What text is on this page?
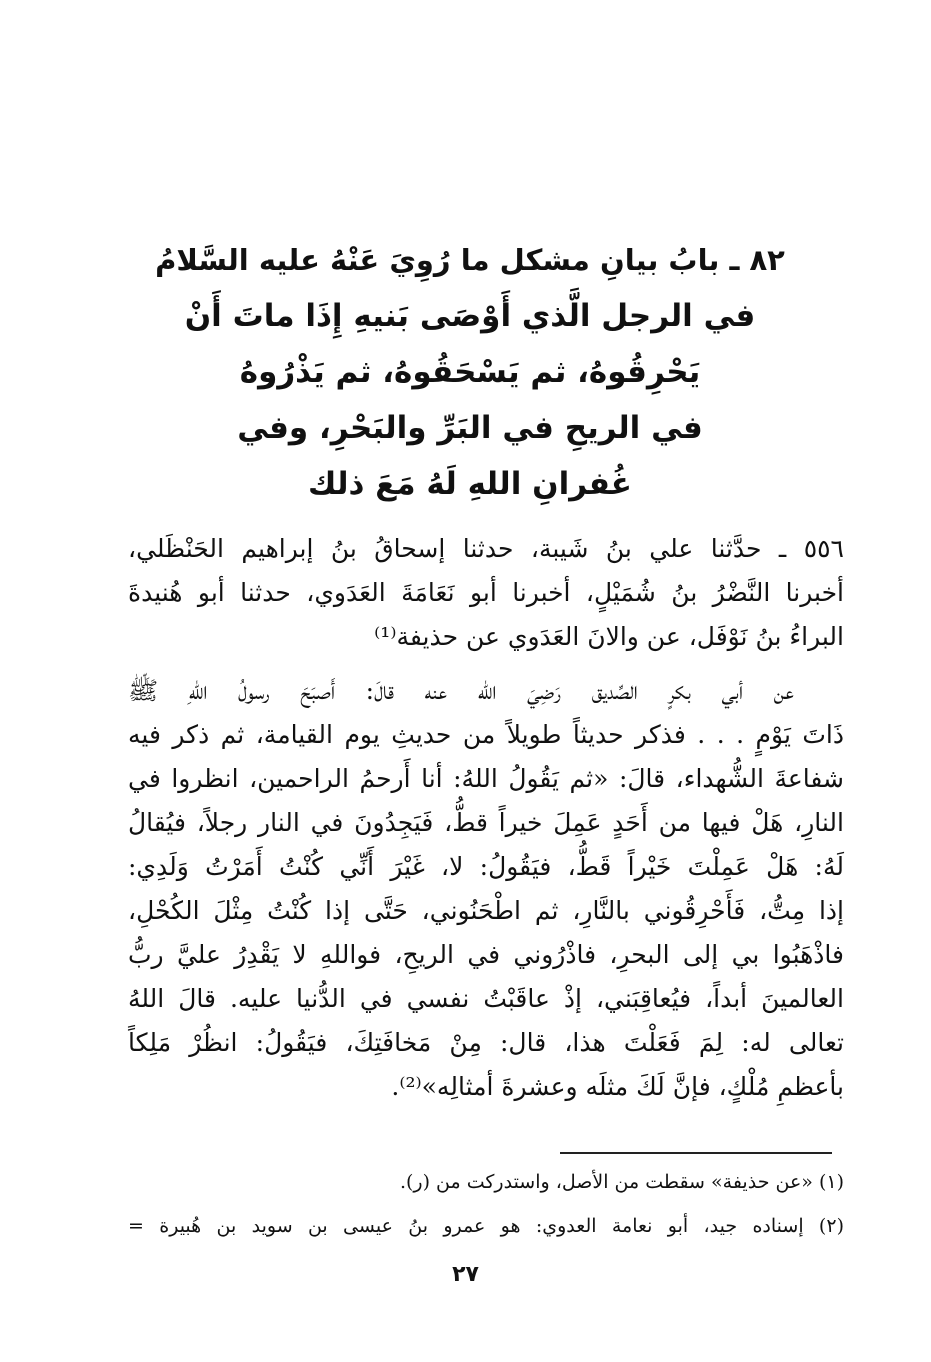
٨٢ ـ بابُ بيانِ مشكل ما رُوِيَ عَنْهُ عليه السَّلامُ
في الرجل الَّذي أَوْصَى بَنيهِ إِذَا ماتَ أَنْ
يَحْرِقُوهُ، ثم يَسْحَقُوهُ، ثم يَذْرُوهُ
في الريحِ في البَرِّ والبَحْرِ، وفي
غُفرانِ اللهِ لَهُ مَعَ ذلك
٥٥٦ ـ حدَّثنا علي بنُ شَيبة، حدثنا إسحاقُ بنُ إبراهيم الحَنْظَلي،
أخبرنا النَّضْرُ بنُ شُمَيْلٍ، أخبرنا أبو نَعَامَةَ العَدَوي، حدثنا أبو هُنيدةَ
البراءُ بنُ نَوْفَل، عن والانَ العَدَوي عن حذيفة⁽¹⁾
عن أبي بكرٍ الصِّديق رَضِيَ الله عنه قالَ: أَصبَحَ رسولُ اللهِ ﷺ
ذَاتَ يَوْمٍ . . . فذكر حديثاً طويلاً من حديثِ يوم القيامة، ثم ذكر فيه
شفاعةَ الشُّهداء، قالَ: «ثم يَقُولُ اللهُ: أنا أَرحمُ الراحمين، انظروا في
النارِ، هَلْ فيها من أَحَدٍ عَمِلَ خيراً قطُّ، فَيَجِدُونَ في النار رجلاً، فيُقالُ
لَهُ: هَلْ عَمِلْتَ خَيْراً قَطُّ، فيَقُولُ: لا، غَيْرَ أَنِّي كُنْتُ أَمَرْتُ وَلَدِي:
إذا مِتُّ، فَأَحْرِقُوني بالنَّارِ، ثم اطْحَنُوني، حَتَّى إذا كُنْتُ مِثْلَ الكُحْلِ،
فاذْهَبُوا بي إلى البحرِ، فاذْرُوني في الريحِ، فواللهِ لا يَقْدِرُ عليَّ ربُّ
العالمينَ أبداً، فيُعاقِبَني، إذْ عاقَبْتُ نفسي في الدُّنيا عليه. قالَ اللهُ
تعالى له: لِمَ فَعَلْتَ هذا، قال: مِنْ مَخافَتِكَ، فيَقُولُ: انظُرْ مَلِكاً
بأعظمِ مُلْكٍ، فإنَّ لَكَ مثلَه وعشرةَ أمثالِه»⁽²⁾.
(١) «عن حذيفة» سقطت من الأصل، واستدركت من (ر).
(٢) إسناده جيد، أبو نعامة العدوي: هو عمرو بنُ عيسى بن سويد بن هُبيرة =
٢٧
